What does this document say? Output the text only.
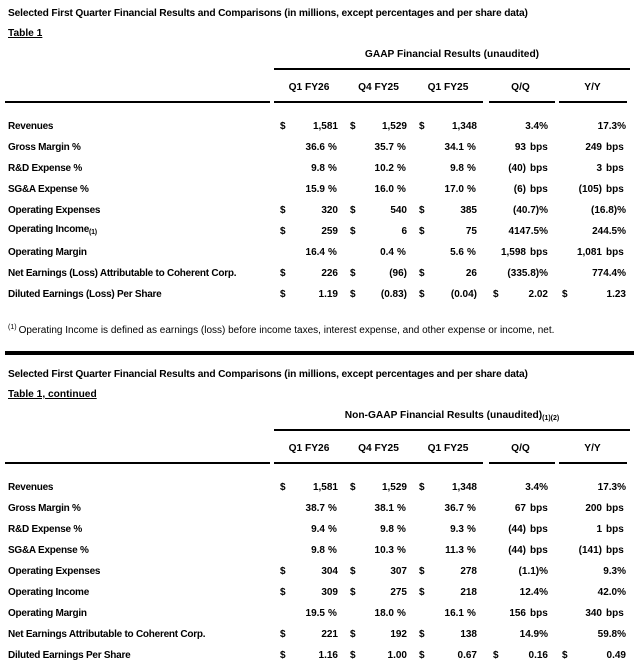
Selected First Quarter Financial Results and Comparisons (in millions, except percentages and per share data)
Table 1
GAAP Financial Results (unaudited)
Q1 FY26	Q4 FY25	Q1 FY25	Q/Q	Y/Y
Revenues	$	1,581 $	1,529 $	1,348	3.4%	17.3%
Gross Margin %	36.6 %	35.7 %	34.1 %	93 bps	249 bps
R&D Expense %	9.8 %	10.2 %	9.8 %	(40) bps	3 bps
SG&A Expense %	15.9 %	16.0 %	17.0 %	(6) bps	(105) bps
Operating Expenses	$	320 $	540 $	385	(40.7)%	(16.8)%
Operating Income$_{(1)}$	$	259 $	6 $	75	4147.5%	244.5%
Operating Margin	16.4 %	0.4 %	5.6 %	1,598 bps	1,081 bps
Net Earnings (Loss) Attributable to Coherent Corp.	$	226 $	(96) $	26	(335.8)%	774.4%
Diluted Earnings (Loss) Per Share	$	1.19 $	(0.83) $	(0.04) $	2.02 $	1.23
$^{(1)}$ Operating Income is defined as earnings (loss) before income taxes, interest expense, and other expense or income, net.
Selected First Quarter Financial Results and Comparisons (in millions, except percentages and per share data)
Table 1, continued
Non-GAAP Financial Results (unaudited)(1)(2)
Q1 FY26	Q4 FY25	Q1 FY25	Q/Q	Y/Y
Revenues	$	1,581 $	1,529 $	1,348	3.4%	17.3%
Gross Margin %	38.7 %	38.1 %	36.7 %	67 bps	200 bps
R&D Expense %	9.4 %	9.8 %	9.3 %	(44) bps	1 bps
SG&A Expense %	9.8 %	10.3 %	11.3 %	(44) bps	(141) bps
Operating Expenses	$	304 $	307 $	278	(1.1)%	9.3%
Operating Income	$	309 $	275 $	218	12.4%	42.0%
Operating Margin	19.5 %	18.0 %	16.1 %	156 bps	340 bps
Net Earnings Attributable to Coherent Corp.	$	221 $	192 $	138	14.9%	59.8%
Diluted Earnings Per Share	$	1.16 $	1.00 $	0.67 $	0.16 $	0.49
